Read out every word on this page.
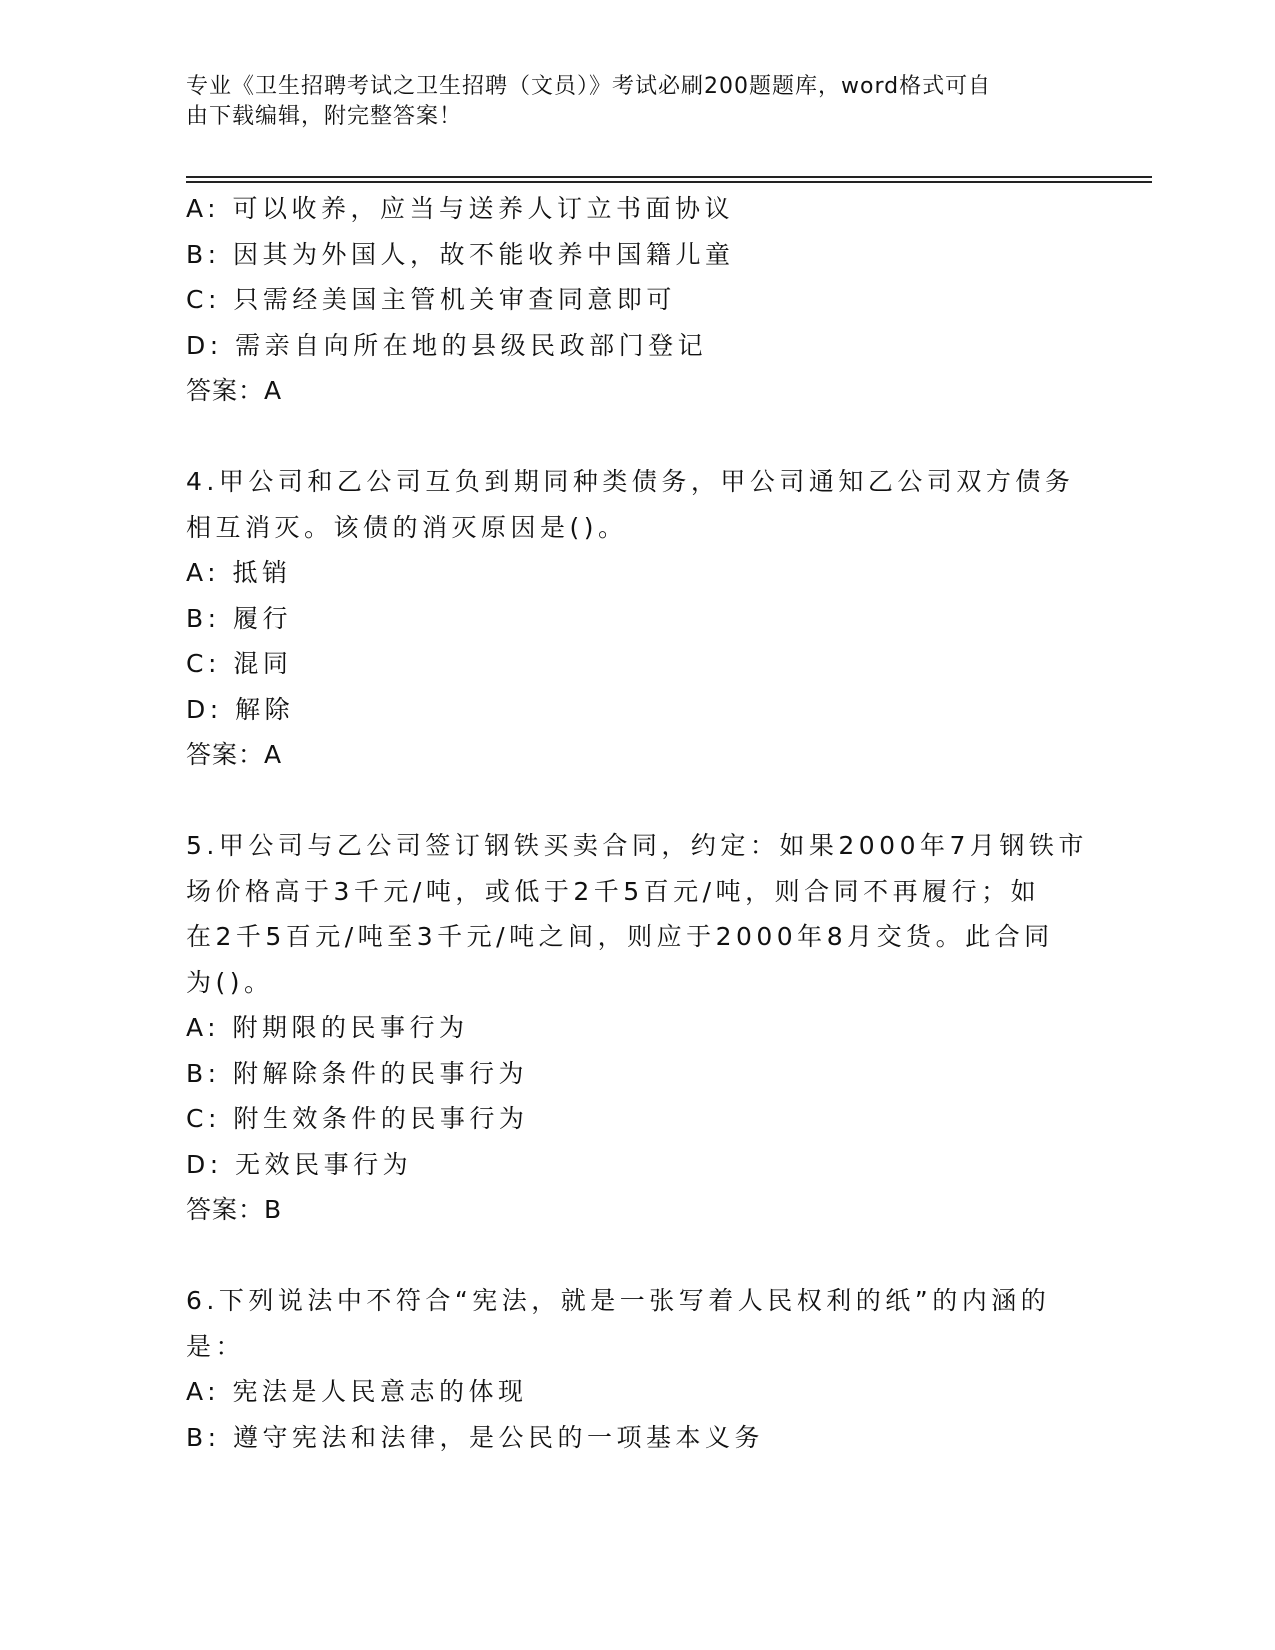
专业《卫生招聘考试之卫生招聘（文员）》考试必刷200题题库，word格式可自
由下载编辑，附完整答案！
A: 可以收养，应当与送养人订立书面协议
B: 因其为外国人，故不能收养中国籍儿童
C: 只需经美国主管机关审查同意即可
D: 需亲自向所在地的县级民政部门登记
答案：A
4.甲公司和乙公司互负到期同种类债务，甲公司通知乙公司双方债务
相互消灭。该债的消灭原因是()。
A: 抵销
B: 履行
C: 混同
D: 解除
答案：A
5.甲公司与乙公司签订钢铁买卖合同，约定：如果2000年7月钢铁市
场价格高于3千元/吨，或低于2千5百元/吨，则合同不再履行；如
在2千5百元/吨至3千元/吨之间，则应于2000年8月交货。此合同
为()。
A: 附期限的民事行为
B: 附解除条件的民事行为
C: 附生效条件的民事行为
D: 无效民事行为
答案：B
6.下列说法中不符合“宪法，就是一张写着人民权利的纸”的内涵的
是：
A: 宪法是人民意志的体现
B: 遵守宪法和法律，是公民的一项基本义务
